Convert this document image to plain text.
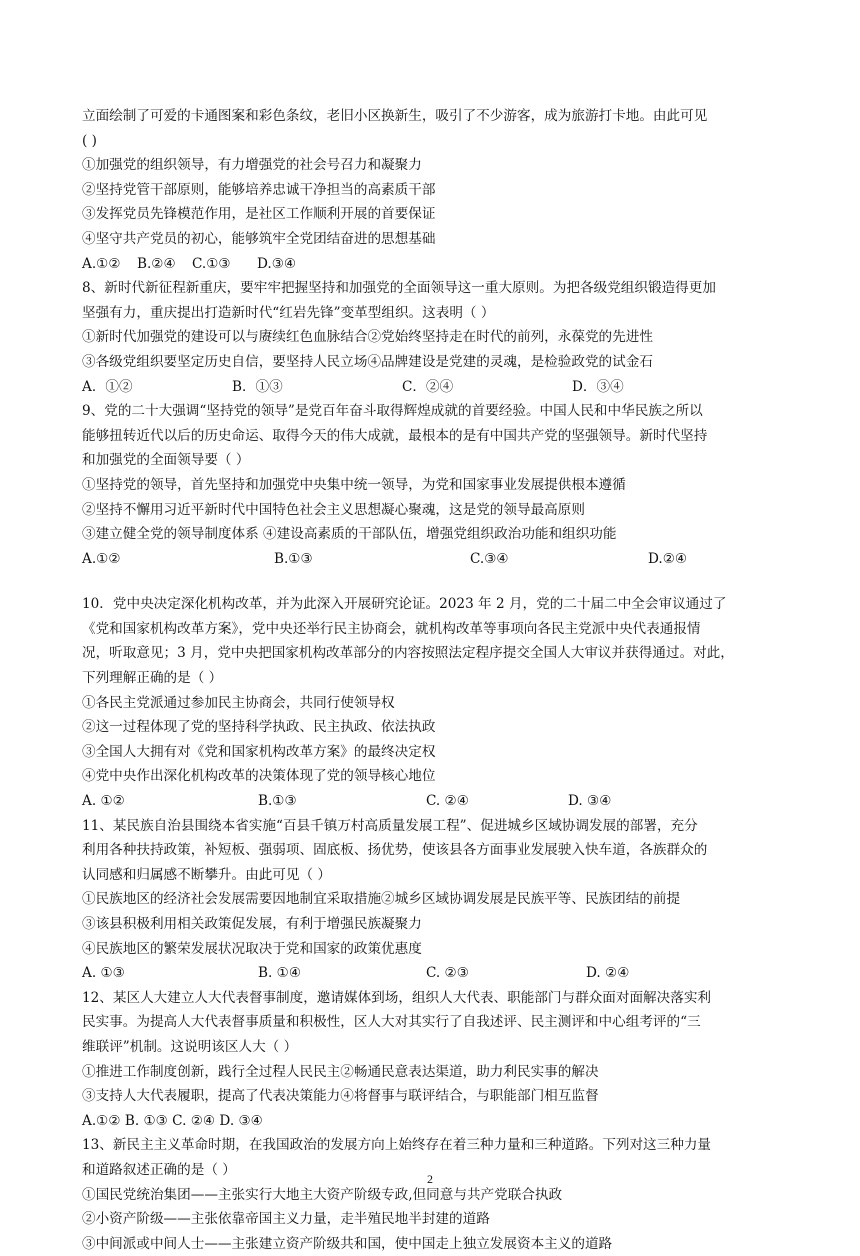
立面绘制了可爱的卡通图案和彩色条纹，老旧小区换新生，吸引了不少游客，成为旅游打卡地。由此可见
( )
①加强党的组织领导，有力增强党的社会号召力和凝聚力
②坚持党管干部原则，能够培养忠诚干净担当的高素质干部
③发挥党员先锋模范作用，是社区工作顺利开展的首要保证
④坚守共产党员的初心，能够筑牢全党团结奋进的思想基础
A.①②	B.②④	C.①③	D.③④
8、新时代新征程新重庆，要牢牢把握坚持和加强党的全面领导这一重大原则。为把各级党组织锻造得更加
坚强有力，重庆提出打造新时代“红岩先锋”变革型组织。这表明（ ）
①新时代加强党的建设可以与赓续红色血脉结合②党始终坚持走在时代的前列，永葆党的先进性
③各级党组织要坚定历史自信，要坚持人民立场④品牌建设是党建的灵魂，是检验政党的试金石
A．①②	B．①③	C．②④	D．③④
9、党的二十大强调“坚持党的领导”是党百年奋斗取得辉煌成就的首要经验。中国人民和中华民族之所以
能够扭转近代以后的历史命运、取得今天的伟大成就，最根本的是有中国共产党的坚强领导。新时代坚持
和加强党的全面领导要（ ）
①坚持党的领导，首先坚持和加强党中央集中统一领导，为党和国家事业发展提供根本遵循
②坚持不懈用习近平新时代中国特色社会主义思想凝心聚魂，这是党的领导最高原则
③建立健全党的领导制度体系 ④建设高素质的干部队伍，增强党组织政治功能和组织功能
A.①②	B.①③	C.③④	D.②④
10．党中央决定深化机构改革，并为此深入开展研究论证。2023 年 2 月，党的二十届二中全会审议通过了
《党和国家机构改革方案》，党中央还举行民主协商会，就机构改革等事项向各民主党派中央代表通报情
况，听取意见；3 月，党中央把国家机构改革部分的内容按照法定程序提交全国人大审议并获得通过。对此，
下列理解正确的是（ ）
①各民主党派通过参加民主协商会，共同行使领导权
②这一过程体现了党的坚持科学执政、民主执政、依法执政
③全国人大拥有对《党和国家机构改革方案》的最终决定权
④党中央作出深化机构改革的决策体现了党的领导核心地位
A. ①②	B.①③	C. ②④	D. ③④
11、某民族自治县围绕本省实施“百县千镇万村高质量发展工程”、促进城乡区域协调发展的部署，充分
利用各种扶持政策，补短板、强弱项、固底板、扬优势，使该县各方面事业发展驶入快车道，各族群众的
认同感和归属感不断攀升。由此可见（ ）
①民族地区的经济社会发展需要因地制宜采取措施②城乡区域协调发展是民族平等、民族团结的前提
③该县积极利用相关政策促发展，有利于增强民族凝聚力
④民族地区的繁荣发展状况取决于党和国家的政策优惠度
A. ①③	B. ①④	C. ②③	D. ②④
12、某区人大建立人大代表督事制度，邀请媒体到场，组织人大代表、职能部门与群众面对面解决落实利
民实事。为提高人大代表督事质量和积极性，区人大对其实行了自我述评、民主测评和中心组考评的“三
维联评”机制。这说明该区人大（ ）
①推进工作制度创新，践行全过程人民民主②畅通民意表达渠道，助力利民实事的解决
③支持人大代表履职，提高了代表决策能力④将督事与联评结合，与职能部门相互监督
A.①② B. ①③ C. ②④ D. ③④
13、新民主主义革命时期，在我国政治的发展方向上始终存在着三种力量和三种道路。下列对这三种力量
和道路叙述正确的是（ ）
①国民党统治集团——主张实行大地主大资产阶级专政,但同意与共产党联合执政
②小资产阶级——主张依靠帝国主义力量，走半殖民地半封建的道路
③中间派或中间人士——主张建立资产阶级共和国，使中国走上独立发展资本主义的道路
2
